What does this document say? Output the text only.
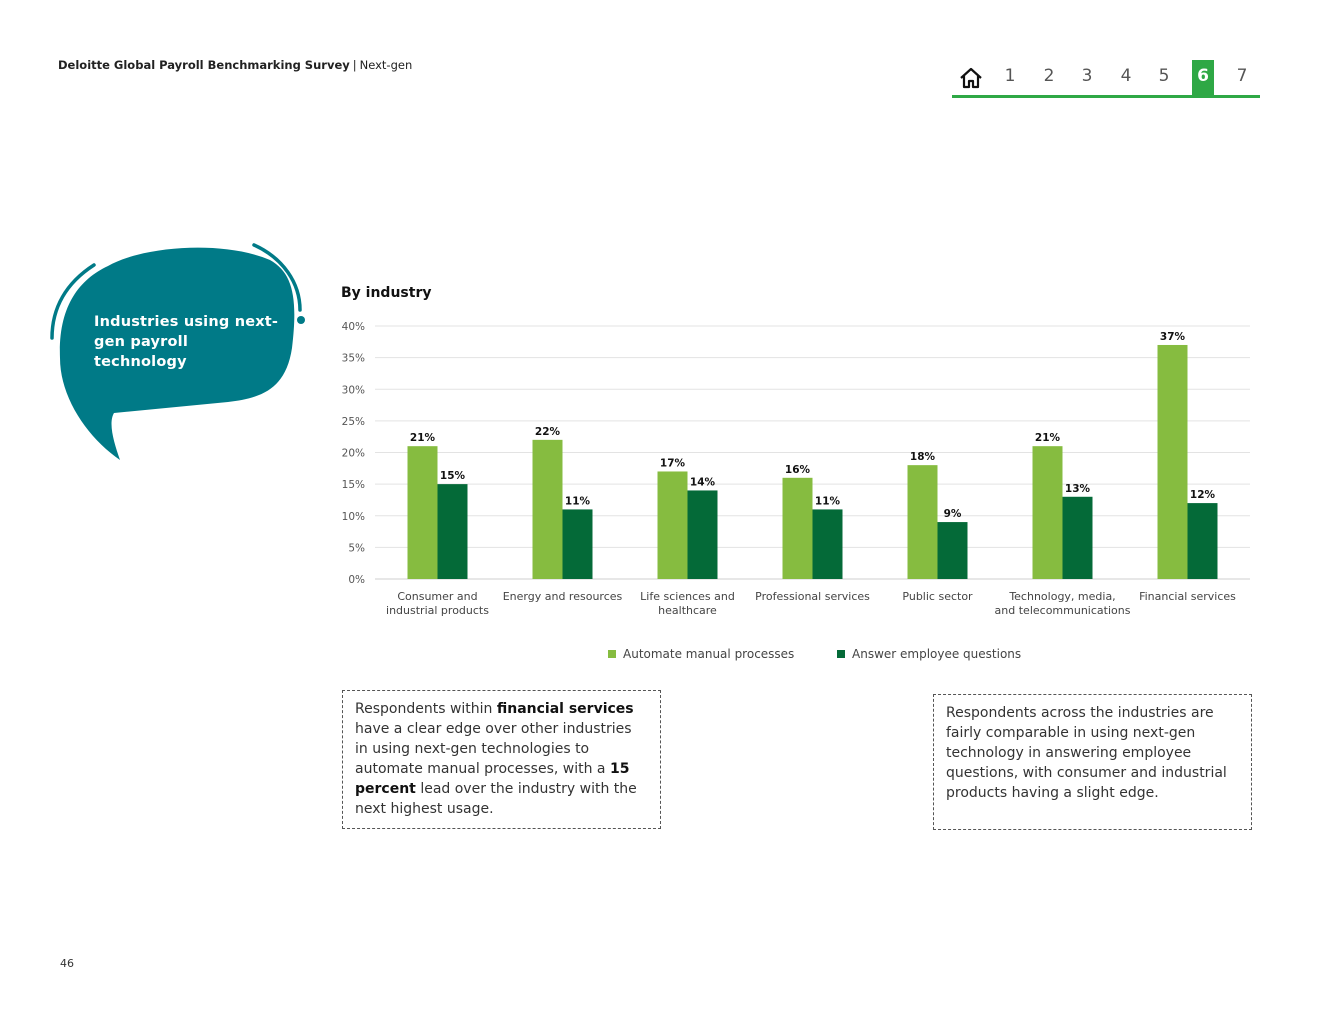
Deloitte Global Payroll Benchmarking Survey | Next-gen
1	2	3	4	5	6	7
Industries using next-gen payroll technology
By industry
0%
5%
10%
15%
20%
25%
30%
35%
40%
21%
15%
Consumer and industrial products
22%
11%
Energy and resources
17%
14%
Life sciences and healthcare
16%
11%
Professional services
18%
9%
Public sector
21%
13%
Technology, media, and telecommunications
37%
12%
Financial services
Automate manual processes	Answer employee questions
Respondents within financial services have a clear edge over other industries in using next-gen technologies to automate manual processes, with a 15 percent lead over the industry with the next highest usage.
Respondents across the industries are fairly comparable in using next-gen technology in answering employee questions, with consumer and industrial products having a slight edge.
46
